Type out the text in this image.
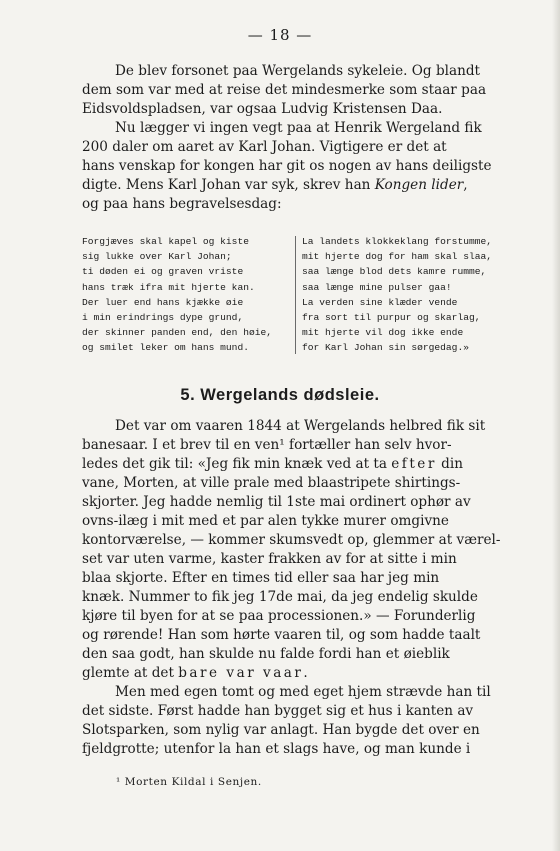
— 18 —

De blev forsonet paa Wergelands sykeleie. Og blandt
dem som var med at reise det mindesmerke som staar paa
Eidsvoldspladsen, var ogsaa Ludvig Kristensen Daa.
Nu lægger vi ingen vegt paa at Henrik Wergeland fik
200 daler om aaret av Karl Johan. Vigtigere er det at
hans venskap for kongen har git os nogen av hans deiligste
digte. Mens Karl Johan var syk, skrev han Kongen lider,
og paa hans begravelsesdag:

Forgjæves skal kapel og kiste
sig lukke over Karl Johan;
ti døden ei og graven vriste
hans træk ifra mit hjerte kan.
Der luer end hans kjække øie
i min erindrings dype grund,
der skinner panden end, den høie,
og smilet leker om hans mund.
La landets klokkeklang forstumme,
mit hjerte dog for ham skal slaa,
saa længe blod dets kamre rumme,
saa længe mine pulser gaa!
La verden sine klæder vende
fra sort til purpur og skarlag,
mit hjerte vil dog ikke ende
for Karl Johan sin sørgedag.»
5. Wergelands dødsleie.

Det var om vaaren 1844 at Wergelands helbred fik sit
banesaar. I et brev til en ven¹ fortæller han selv hvor-
ledes det gik til: «Jeg fik min knæk ved at ta efter din
vane, Morten, at ville prale med blaastripete shirtings-
skjorter. Jeg hadde nemlig til 1ste mai ordinert ophør av
ovns-ilæg i mit med et par alen tykke murer omgivne
kontorværelse, — kommer skumsvedt op, glemmer at værel-
set var uten varme, kaster frakken av for at sitte i min
blaa skjorte. Efter en times tid eller saa har jeg min
knæk. Nummer to fik jeg 17de mai, da jeg endelig skulde
kjøre til byen for at se paa processionen.» — Forunderlig
og rørende! Han som hørte vaaren til, og som hadde taalt
den saa godt, han skulde nu falde fordi han et øieblik
glemte at det bare var vaar.
Men med egen tomt og med eget hjem strævde han til
det sidste. Først hadde han bygget sig et hus i kanten av
Slotsparken, som nylig var anlagt. Han bygde det over en
fjeldgrotte; utenfor la han et slags have, og man kunde i

¹ Morten Kildal i Senjen.
